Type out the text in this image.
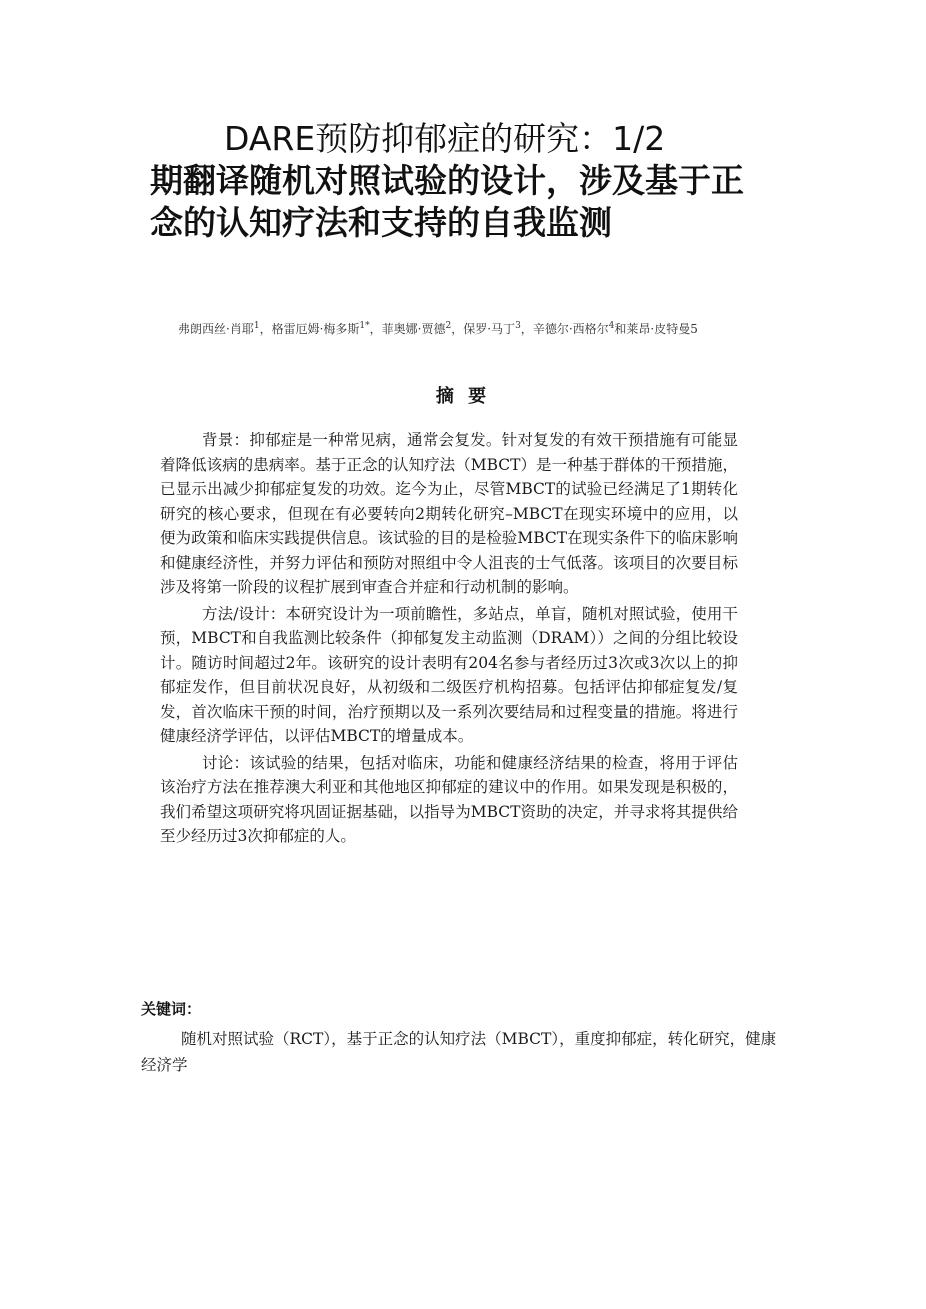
DARE预防抑郁症的研究：1/2
期翻译随机对照试验的设计，涉及基于正念的认知疗法和支持的自我监测
弗朗西丝·肖耶$^1$，格雷厄姆·梅多斯$^{1*}$，菲奥娜·贾德$^2$，保罗·马丁$^3$，辛德尔·西格尔$^4$和莱昂·皮特曼5
摘 要

背景：抑郁症是一种常见病，通常会复发。针对复发的有效干预措施有可能显着降低该病的患病率。基于正念的认知疗法（MBCT）是一种基于群体的干预措施，已显示出减少抑郁症复发的功效。迄今为止，尽管MBCT的试验已经满足了1期转化研究的核心要求，但现在有必要转向2期转化研究–MBCT在现实环境中的应用，以便为政策和临床实践提供信息。该试验的目的是检验MBCT在现实条件下的临床影响和健康经济性，并努力评估和预防对照组中令人沮丧的士气低落。该项目的次要目标涉及将第一阶段的议程扩展到审查合并症和行动机制的影响。

方法/设计：本研究设计为一项前瞻性，多站点，单盲，随机对照试验，使用干预，MBCT和自我监测比较条件（抑郁复发主动监测（DRAM））之间的分组比较设计。随访时间超过2年。该研究的设计表明有204名参与者经历过3次或3次以上的抑郁症发作，但目前状况良好，从初级和二级医疗机构招募。包括评估抑郁症复发/复发，首次临床干预的时间，治疗预期以及一系列次要结局和过程变量的措施。将进行健康经济学评估，以评估MBCT的增量成本。

讨论：该试验的结果，包括对临床，功能和健康经济结果的检查，将用于评估该治疗方法在推荐澳大利亚和其他地区抑郁症的建议中的作用。如果发现是积极的，我们希望这项研究将巩固证据基础，以指导为MBCT资助的决定，并寻求将其提供给至少经历过3次抑郁症的人。

关键词：
随机对照试验（RCT），基于正念的认知疗法（MBCT），重度抑郁症，转化研究，健康经济学
